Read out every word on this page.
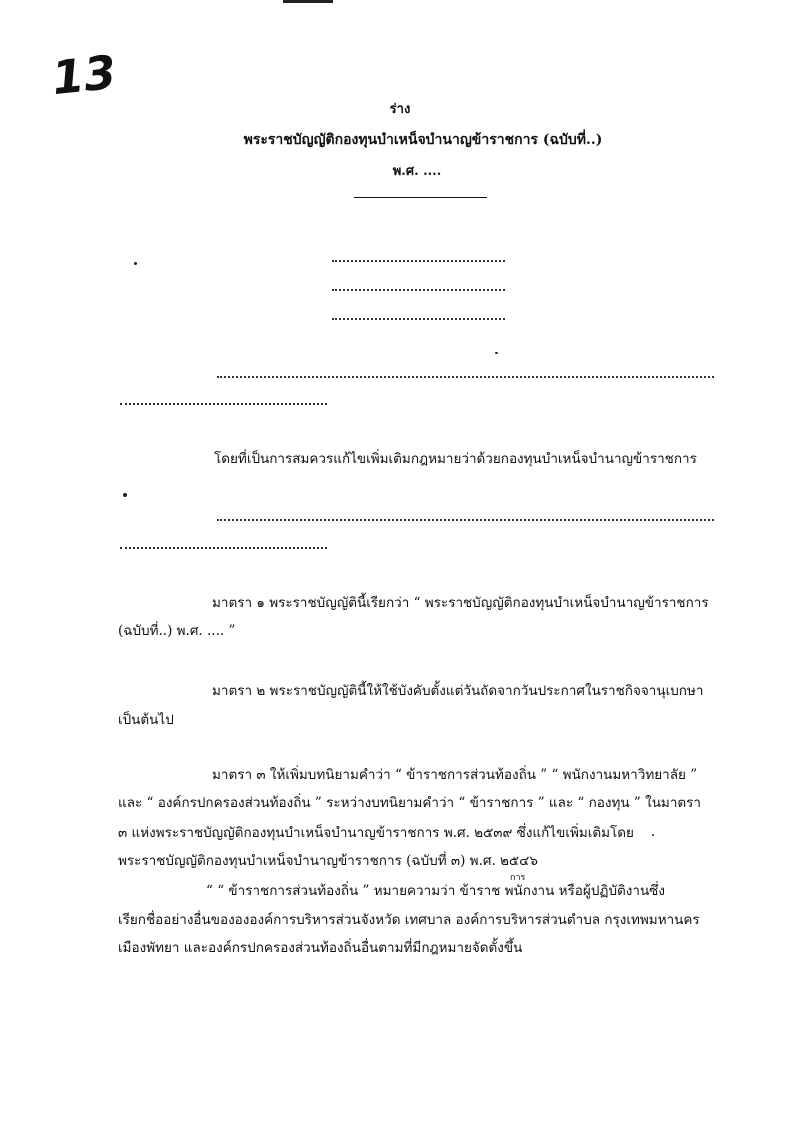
13
ร่าง
พระราชบัญญัติกองทุนบำเหน็จบำนาญข้าราชการ (ฉบับที่..)
พ.ศ. ....
โดยที่เป็นการสมควรแก้ไขเพิ่มเติมกฎหมายว่าด้วยกองทุนบำเหน็จบำนาญข้าราชการ
มาตรา ๑ พระราชบัญญัตินี้เรียกว่า “ พระราชบัญญัติกองทุนบำเหน็จบำนาญข้าราชการ
(ฉบับที่..) พ.ศ. .... ”
มาตรา ๒ พระราชบัญญัตินี้ให้ใช้บังคับตั้งแต่วันถัดจากวันประกาศในราชกิจจานุเบกษา
เป็นต้นไป
มาตรา ๓ ให้เพิ่มบทนิยามคำว่า “ ข้าราชการส่วนท้องถิ่น ” “ พนักงานมหาวิทยาลัย ”
และ “ องค์กรปกครองส่วนท้องถิ่น ” ระหว่างบทนิยามคำว่า “ ข้าราชการ ” และ “ กองทุน ” ในมาตรา
๓ แห่งพระราชบัญญัติกองทุนบำเหน็จบำนาญข้าราชการ พ.ศ. ๒๕๓๙ ซึ่งแก้ไขเพิ่มเติมโดย
พระราชบัญญัติกองทุนบำเหน็จบำนาญข้าราชการ (ฉบับที่ ๓) พ.ศ. ๒๕๔๖
การ
“ “ ข้าราชการส่วนท้องถิ่น ” หมายความว่า ข้าราช พนักงาน หรือผู้ปฏิบัติงานซึ่ง
เรียกชื่ออย่างอื่นของององค์การบริหารส่วนจังหวัด เทศบาล องค์การบริหารส่วนตำบล กรุงเทพมหานคร
เมืองพัทยา และองค์กรปกครองส่วนท้องถิ่นอื่นตามที่มีกฎหมายจัดตั้งขึ้น
